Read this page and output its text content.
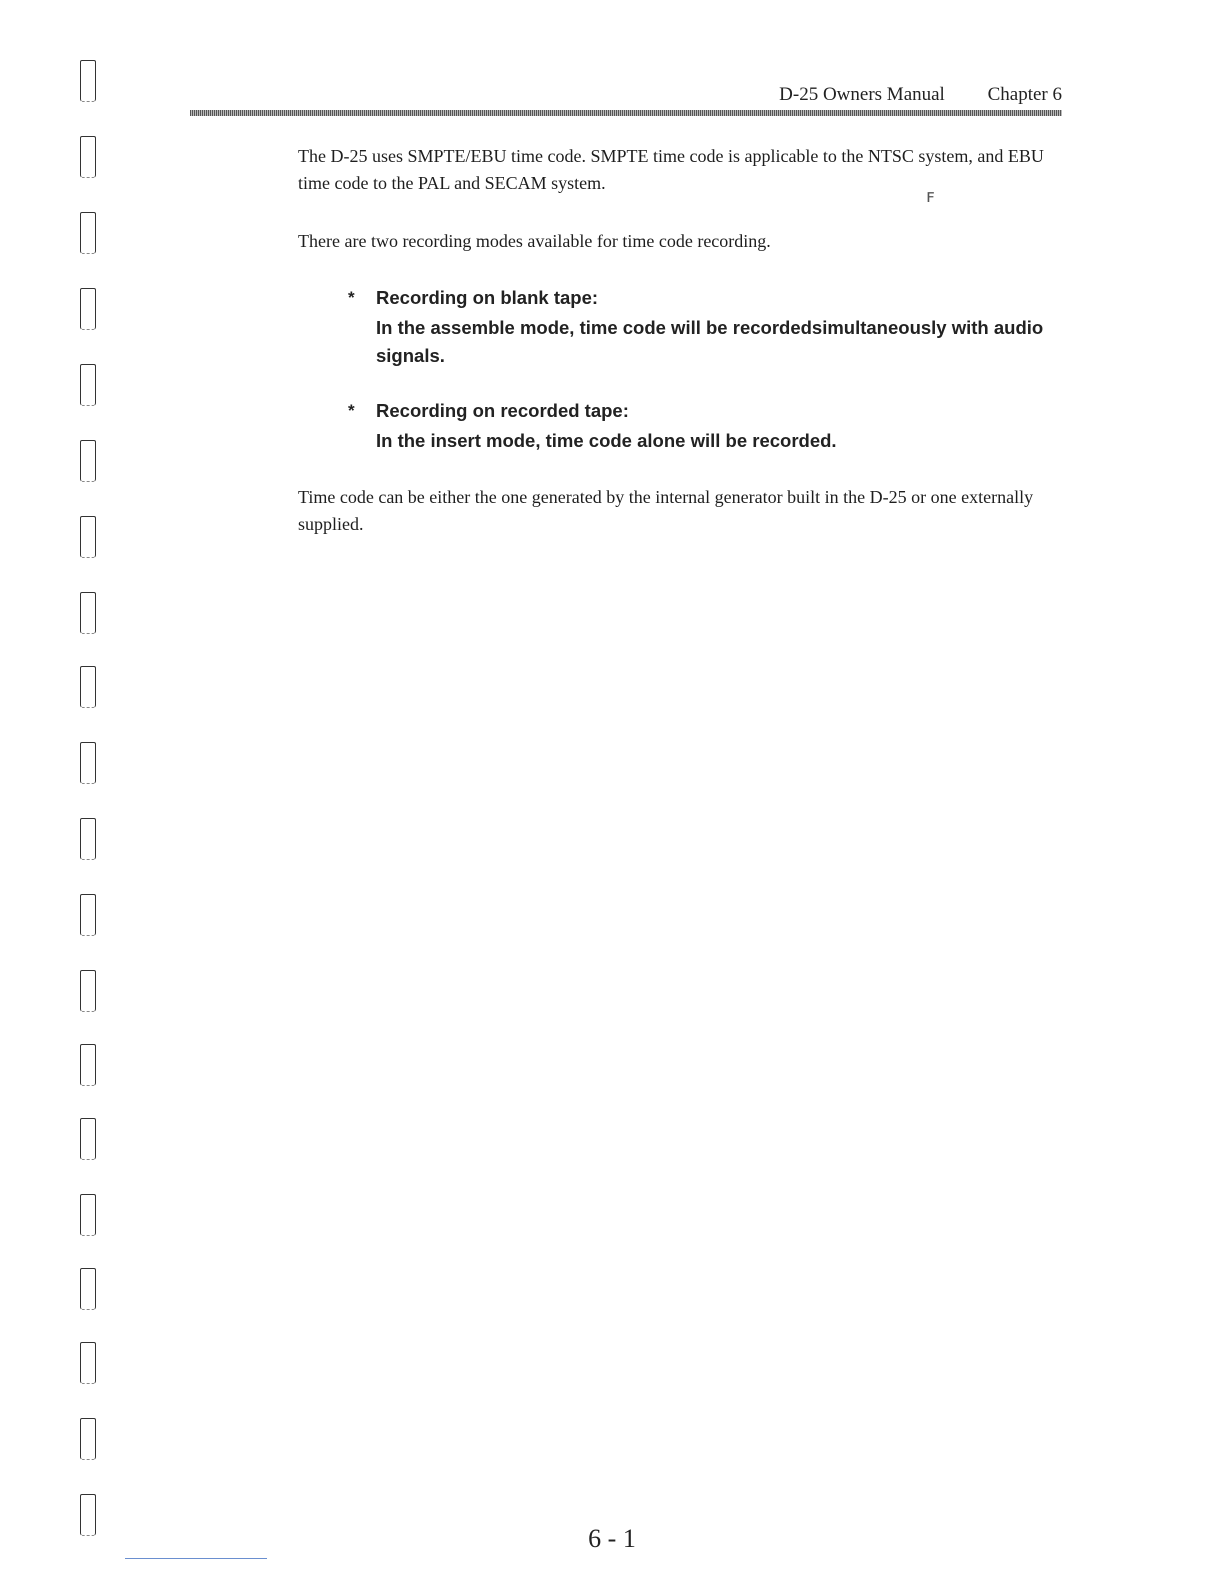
D-25 Owners Manual Chapter 6

The D-25 uses SMPTE/EBU time code. SMPTE time code is applicable to the NTSC system, and EBU time code to the PAL and SECAM system.

ꜰ

There are two recording modes available for time code recording.

* Recording on blank tape:
In the assemble mode, time code will be recordedsimultaneously with audio signals.
* Recording on recorded tape:
In the insert mode, time code alone will be recorded.

Time code can be either the one generated by the internal generator built in the D-25 or one externally supplied.

6 - 1
